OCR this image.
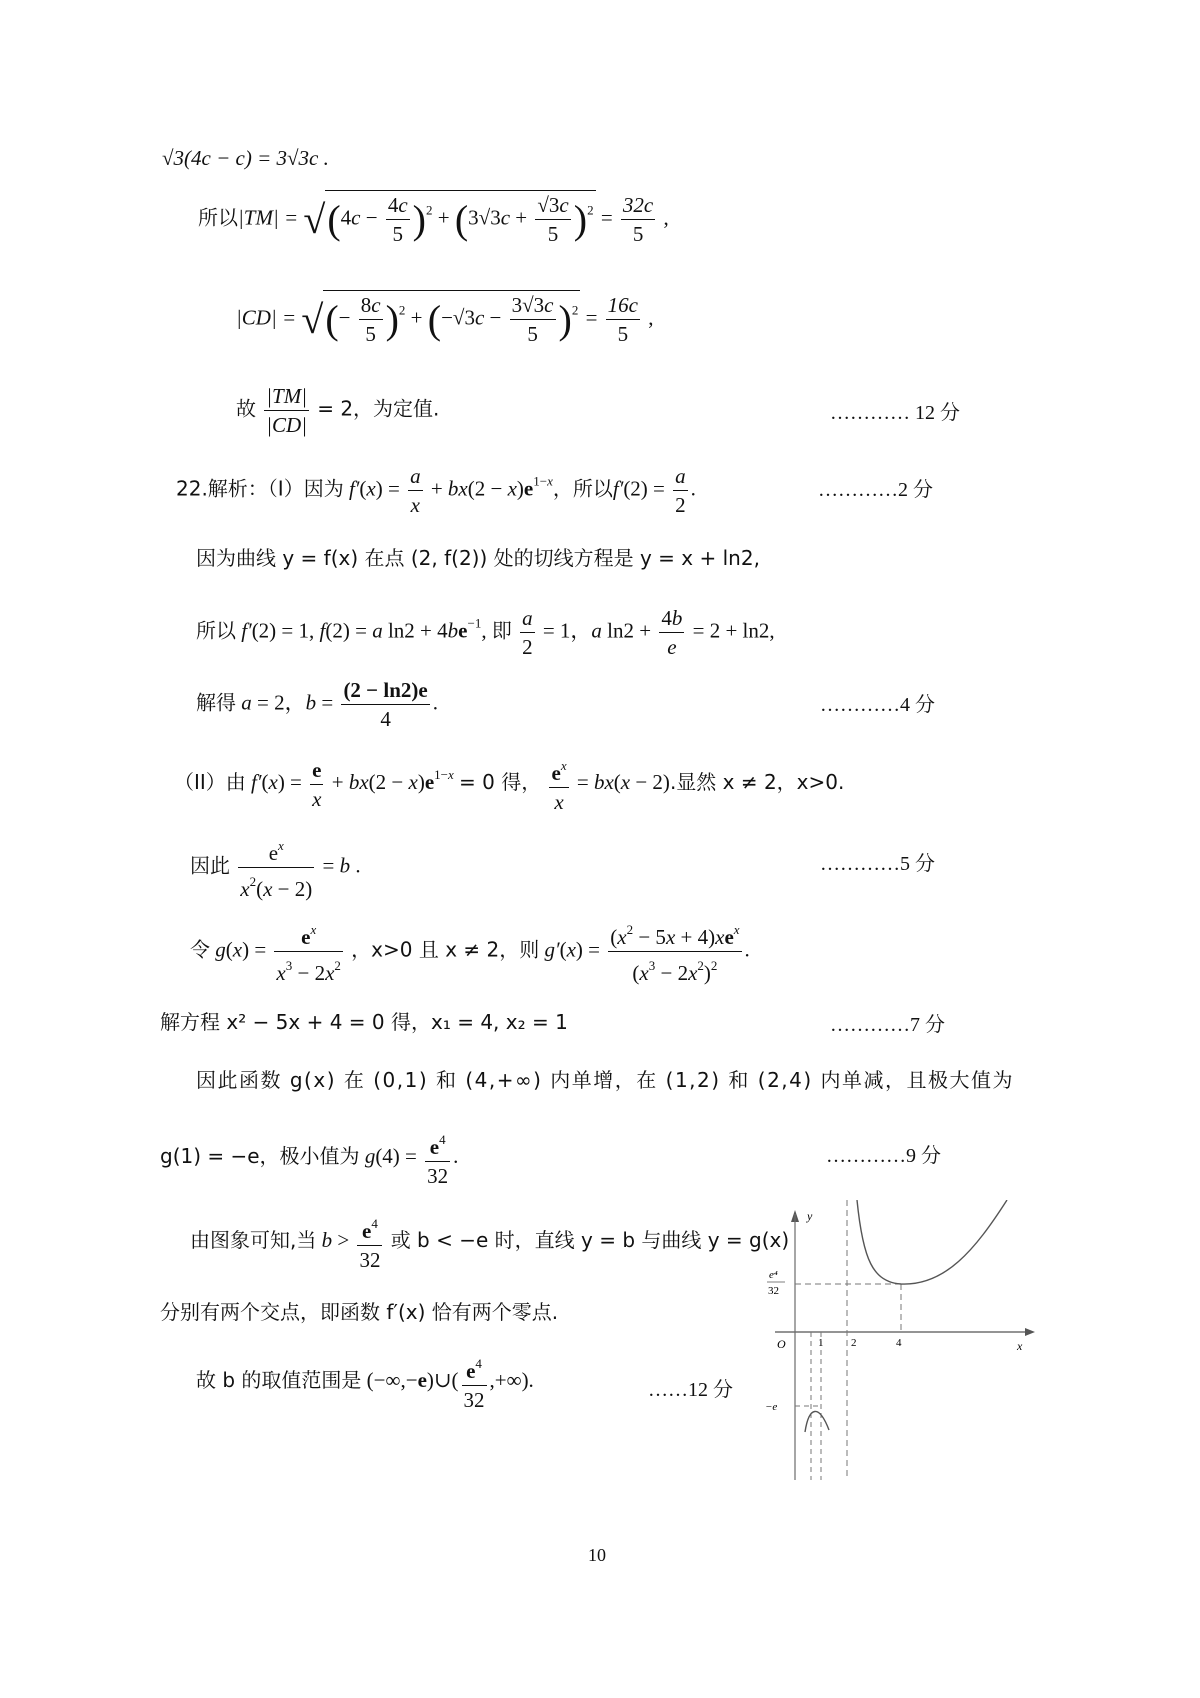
√3(4c − c) = 3√3c .
所以$|TM| = √(4c - \frac{4c}{5} )^2 + (3√3c + \frac{√3c}{5} )^2 = \frac{32c}{5}$ ,
|CD| = √(− $\frac{8c}{5} )^2 + (-√3c - \frac{3√3c}{5} )^2 = \frac{16c}{5}$ ,
故 $\frac{|TM|}{|CD|} = 2$，为定值.	………… 12 分
22.解析：（I）因为 $f'(x) = \frac{a}{x} + bx(2 - x)e^{1-x}$，所以$f'(2) = \frac{a}{2}$ .	…………2 分
因为曲线 y = f(x) 在点 (2, f(2)) 处的切线方程是 y = x + ln2,
所以 f′(2) = 1, f(2) = a $\ln 2 + 4be^{-1}$, 即 $\frac{a}{2} = 1$，a $\ln 2 + \frac{4b}{e} = 2 + \ln 2$,
解得 a = 2，$b = \frac{(2 - \ln 2)e}{4}$ .	…………4 分
（II）由 $f'(x) = \frac{e}{x} + bx(2 - x)e^{1-x} = 0$ 得， $\frac{e^x}{x} = bx(x - 2)$.显然 x ≠ 2，x>0.
因此 $\frac{e^x}{x^2(x - 2)} = b$ .	…………5 分
令 $g(x) = \frac{e^x}{x^3 - 2x^2}$ ，x>0 且 x ≠ 2，则 $g'(x) = \frac{(x^2 - 5x + 4)xe^x}{(x^3 - 2x^2)^2}$ .
解方程 x² − 5x + 4 = 0 得，x₁ = 4, x₂ = 1	…………7 分
因此函数 g(x) 在 (0,1) 和 (4,+∞) 内单增，在 (1,2) 和 (2,4) 内单减，且极大值为
g(1) = −e，极小值为 $g(4) = \frac{e^4}{32}$ .	…………9 分
由图象可知,当 $b > \frac{e^4}{32}$ 或 b < −e 时，直线 y = b 与曲线 y = g(x)
分别有两个交点，即函数 f′(x) 恰有两个零点.
故 b 的取值范围是 (−∞,−e)∪( $\frac{e^4}{32}$ ,+∞).	……12 分
y
x
O	1	2	4
e⁴
32
−e
10
